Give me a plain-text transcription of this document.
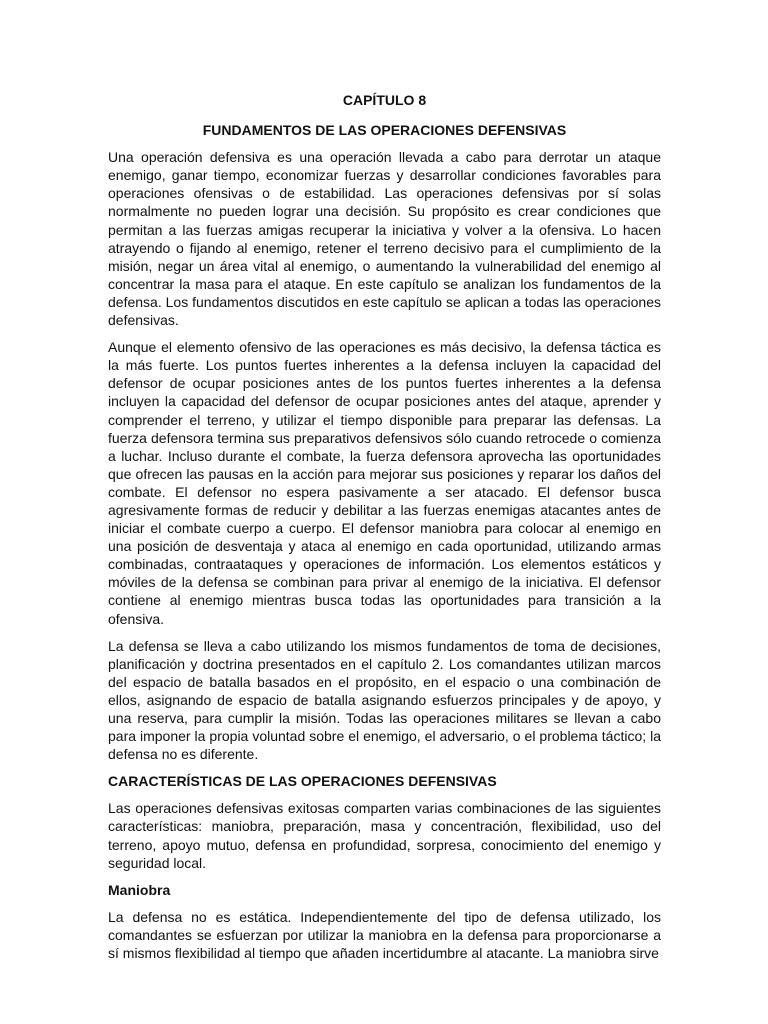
CAPÍTULO 8
FUNDAMENTOS DE LAS OPERACIONES DEFENSIVAS

Una operación defensiva es una operación llevada a cabo para derrotar un ataque enemigo, ganar tiempo, economizar fuerzas y desarrollar condiciones favorables para operaciones ofensivas o de estabilidad. Las operaciones defensivas por sí solas normalmente no pueden lograr una decisión. Su propósito es crear condiciones que permitan a las fuerzas amigas recuperar la iniciativa y volver a la ofensiva. Lo hacen atrayendo o fijando al enemigo, retener el terreno decisivo para el cumplimiento de la misión, negar un área vital al enemigo, o aumentando la vulnerabilidad del enemigo al concentrar la masa para el ataque. En este capítulo se analizan los fundamentos de la defensa. Los fundamentos discutidos en este capítulo se aplican a todas las operaciones defensivas.

Aunque el elemento ofensivo de las operaciones es más decisivo, la defensa táctica es la más fuerte. Los puntos fuertes inherentes a la defensa incluyen la capacidad del defensor de ocupar posiciones antes de los puntos fuertes inherentes a la defensa incluyen la capacidad del defensor de ocupar posiciones antes del ataque, aprender y comprender el terreno, y utilizar el tiempo disponible para preparar las defensas. La fuerza defensora termina sus preparativos defensivos sólo cuando retrocede o comienza a luchar. Incluso durante el combate, la fuerza defensora aprovecha las oportunidades que ofrecen las pausas en la acción para mejorar sus posiciones y reparar los daños del combate. El defensor no espera pasivamente a ser atacado. El defensor busca agresivamente formas de reducir y debilitar a las fuerzas enemigas atacantes antes de iniciar el combate cuerpo a cuerpo. El defensor maniobra para colocar al enemigo en una posición de desventaja y ataca al enemigo en cada oportunidad, utilizando armas combinadas, contraataques y operaciones de información. Los elementos estáticos y móviles de la defensa se combinan para privar al enemigo de la iniciativa. El defensor contiene al enemigo mientras busca todas las oportunidades para transición a la ofensiva.

La defensa se lleva a cabo utilizando los mismos fundamentos de toma de decisiones, planificación y doctrina presentados en el capítulo 2. Los comandantes utilizan marcos del espacio de batalla basados en el propósito, en el espacio o una combinación de ellos, asignando de espacio de batalla asignando esfuerzos principales y de apoyo, y una reserva, para cumplir la misión. Todas las operaciones militares se llevan a cabo para imponer la propia voluntad sobre el enemigo, el adversario, o el problema táctico; la defensa no es diferente.

CARACTERÍSTICAS DE LAS OPERACIONES DEFENSIVAS

Las operaciones defensivas exitosas comparten varias combinaciones de las siguientes características: maniobra, preparación, masa y concentración, flexibilidad, uso del terreno, apoyo mutuo, defensa en profundidad, sorpresa, conocimiento del enemigo y seguridad local.

Maniobra

La defensa no es estática. Independientemente del tipo de defensa utilizado, los comandantes se esfuerzan por utilizar la maniobra en la defensa para proporcionarse a sí mismos flexibilidad al tiempo que añaden incertidumbre al atacante. La maniobra sirve
